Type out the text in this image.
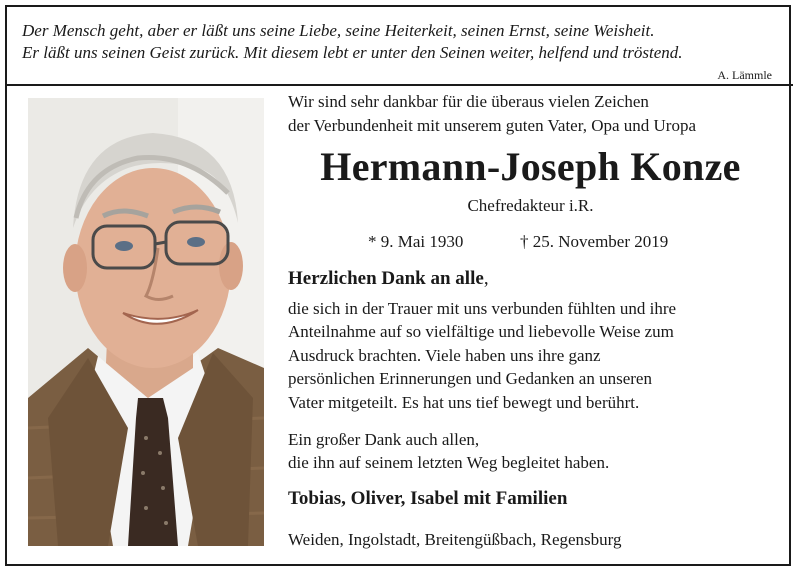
Der Mensch geht, aber er läßt uns seine Liebe, seine Heiterkeit, seinen Ernst, seine Weisheit.
Er läßt uns seinen Geist zurück. Mit diesem lebt er unter den Seinen weiter, helfend und tröstend.
A. Lämmle
Wir sind sehr dankbar für die überaus vielen Zeichen
der Verbundenheit mit unserem guten Vater, Opa und Uropa
Hermann-Joseph Konze
Chefredakteur i.R.
* 9. Mai 1930	† 25. November 2019
Herzlichen Dank an alle,
die sich in der Trauer mit uns verbunden fühlten und ihre
Anteilnahme auf so vielfältige und liebevolle Weise zum
Ausdruck brachten. Viele haben uns ihre ganz
persönlichen Erinnerungen und Gedanken an unseren
Vater mitgeteilt. Es hat uns tief bewegt und berührt.
Ein großer Dank auch allen,
die ihn auf seinem letzten Weg begleitet haben.
Tobias, Oliver, Isabel mit Familien
Weiden, Ingolstadt, Breitengüßbach, Regensburg
